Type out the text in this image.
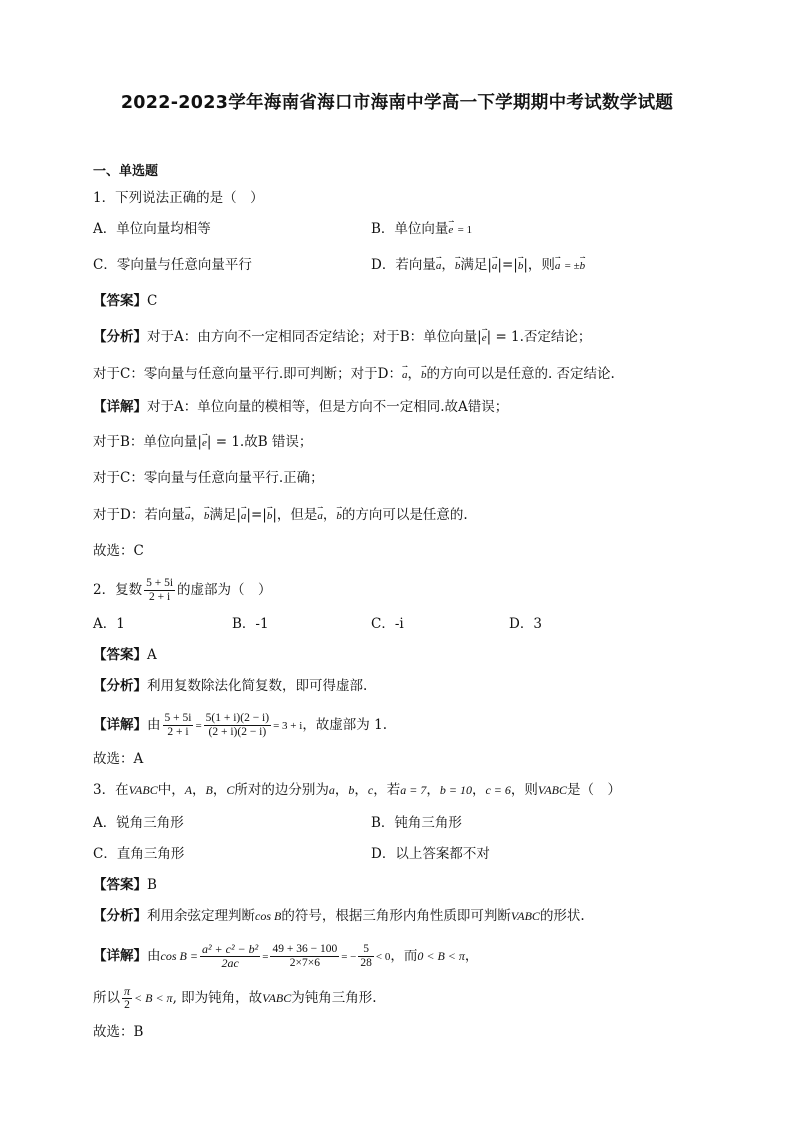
2022-2023学年海南省海口市海南中学高一下学期期中考试数学试题
一、单选题
1．下列说法正确的是（　）
A．单位向量均相等	B．单位向量⇀ e = 1
C．零向量与任意向量平行	D．若向量⇀ a，⇀ b满足|⇀ a|=|⇀ b|，则⇀ a = ±⇀ b
【答案】C
【分析】对于A：由方向不一定相同否定结论；对于B：单位向量|⇀ e| = 1.否定结论；
对于C：零向量与任意向量平行.即可判断；对于D：⇀ a，⇀ b的方向可以是任意的. 否定结论.
【详解】对于A：单位向量的模相等，但是方向不一定相同.故A错误；
对于B：单位向量|⇀ e| = 1.故B 错误；
对于C：零向量与任意向量平行.正确；
对于D：若向量⇀ a，⇀ b满足|⇀ a|=|⇀ b|，但是⇀ a，⇀ b的方向可以是任意的.
故选：C
2．复数 $\frac{5 + 5i}{2 + i}$ 的虚部为（　）
A．1	B．-1	C．-i	D．3
【答案】A
【分析】利用复数除法化简复数，即可得虚部.
【详解】由 $\frac{5 + 5i}{2 + i} = \frac{5(1 + i)(2 - i)}{(2 + i)(2 - i)} = 3 + i$，故虚部为 1.
故选：A
3．在VABC中，A，B，C所对的边分别为a，b，c，若a = 7，b = 10，c = 6，则VABC是（　）
A．锐角三角形	B．钝角三角形
C．直角三角形	D．以上答案都不对
【答案】B
【分析】利用余弦定理判断cos B的符号，根据三角形内角性质即可判断VABC的形状.
【详解】由$\cos B = \frac{\text{a² + c² − b²}}{2ac} = \frac{49 + 36 - 100}{2\times 7\times 6}$ = − $\frac{5}{28} < 0$，而0 < B < π，
所以 $\frac{\pi}{2} < B < \pi$, 即为钝角，故VABC为钝角三角形.
故选：B
